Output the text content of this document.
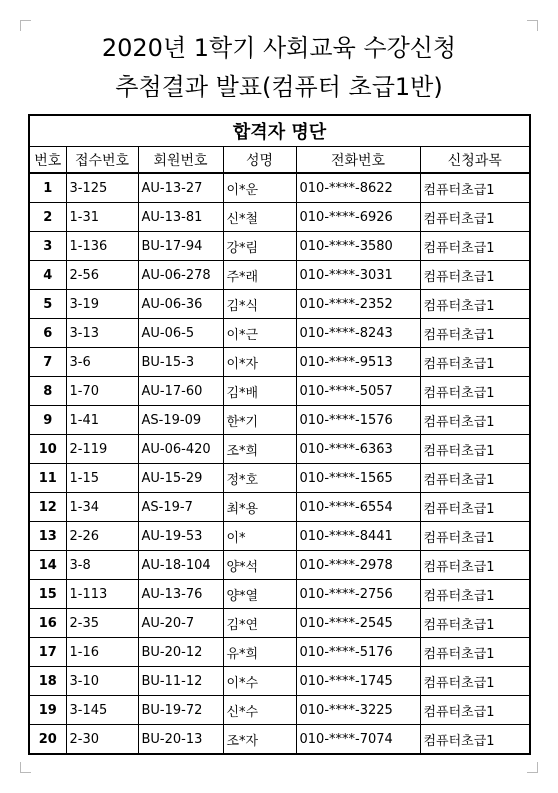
2020년 1학기 사회교육 수강신청
추첨결과 발표(컴퓨터 초급1반)
합격자 명단					
번호	접수번호	회원번호	성명	전화번호	신청과목
1	3-125	AU-13-27	이*운	010-****-8622	컴퓨터초급1
2	1-31	AU-13-81	신*철	010-****-6926	컴퓨터초급1
3	1-136	BU-17-94	강*림	010-****-3580	컴퓨터초급1
4	2-56	AU-06-278	주*래	010-****-3031	컴퓨터초급1
5	3-19	AU-06-36	김*식	010-****-2352	컴퓨터초급1
6	3-13	AU-06-5	이*근	010-****-8243	컴퓨터초급1
7	3-6	BU-15-3	이*자	010-****-9513	컴퓨터초급1
8	1-70	AU-17-60	김*배	010-****-5057	컴퓨터초급1
9	1-41	AS-19-09	한*기	010-****-1576	컴퓨터초급1
10	2-119	AU-06-420	조*희	010-****-6363	컴퓨터초급1
11	1-15	AU-15-29	정*호	010-****-1565	컴퓨터초급1
12	1-34	AS-19-7	최*용	010-****-6554	컴퓨터초급1
13	2-26	AU-19-53	이*	010-****-8441	컴퓨터초급1
14	3-8	AU-18-104	양*석	010-****-2978	컴퓨터초급1
15	1-113	AU-13-76	양*열	010-****-2756	컴퓨터초급1
16	2-35	AU-20-7	김*연	010-****-2545	컴퓨터초급1
17	1-16	BU-20-12	유*희	010-****-5176	컴퓨터초급1
18	3-10	BU-11-12	이*수	010-****-1745	컴퓨터초급1
19	3-145	BU-19-72	신*수	010-****-3225	컴퓨터초급1
20	2-30	BU-20-13	조*자	010-****-7074	컴퓨터초급1
